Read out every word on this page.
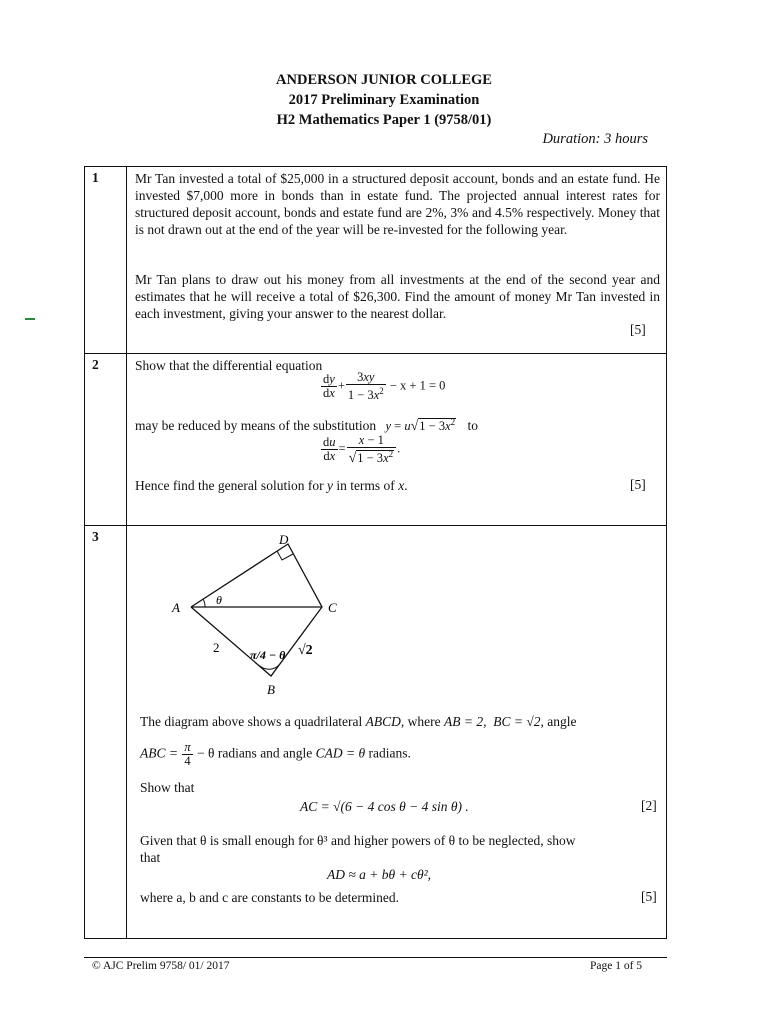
ANDERSON JUNIOR COLLEGE
2017 Preliminary Examination
H2 Mathematics Paper 1 (9758/01)
Duration: 3 hours
1	Mr Tan invested a total of $25,000 in a structured deposit account, bonds and an estate fund. He invested $7,000 more in bonds than in estate fund. The projected annual interest rates for structured deposit account, bonds and estate fund are 2%, 3% and 4.5% respectively. Money that is not drawn out at the end of the year will be re-invested for the following year.
Mr Tan plans to draw out his money from all investments at the end of the second year and estimates that he will receive a total of $26,300. Find the amount of money Mr Tan invested in each investment, giving your answer to the nearest dollar.
[5]
2	Show that the differential equation
$\frac{dy}{dx} + \frac{3xy}{1 - 3x^2} - x + 1 = 0$
may be reduced by means of the substitution $y = u√1 - 3x^2$ to
$\frac{du}{dx} = \frac{x - 1}{√1 - 3x^2}$ .
Hence find the general solution for y in terms of x.	[5]
3
A
B
C
D
θ
2	√2
π/4 − θ
The diagram above shows a quadrilateral ABCD, where AB = 2, BC = √2, angle
ABC = $\frac{\pi}{4} - \theta$ radians and angle CAD = θ radians.
Show that
AC = √(6 − 4 cos θ − 4 sin θ) .	[2]
Given that θ is small enough for θ³ and higher powers of θ to be neglected, show
that
AD ≈ a + bθ + cθ²,
where a, b and c are constants to be determined.	[5]
© AJC Prelim 9758/ 01/ 2017	Page 1 of 5
